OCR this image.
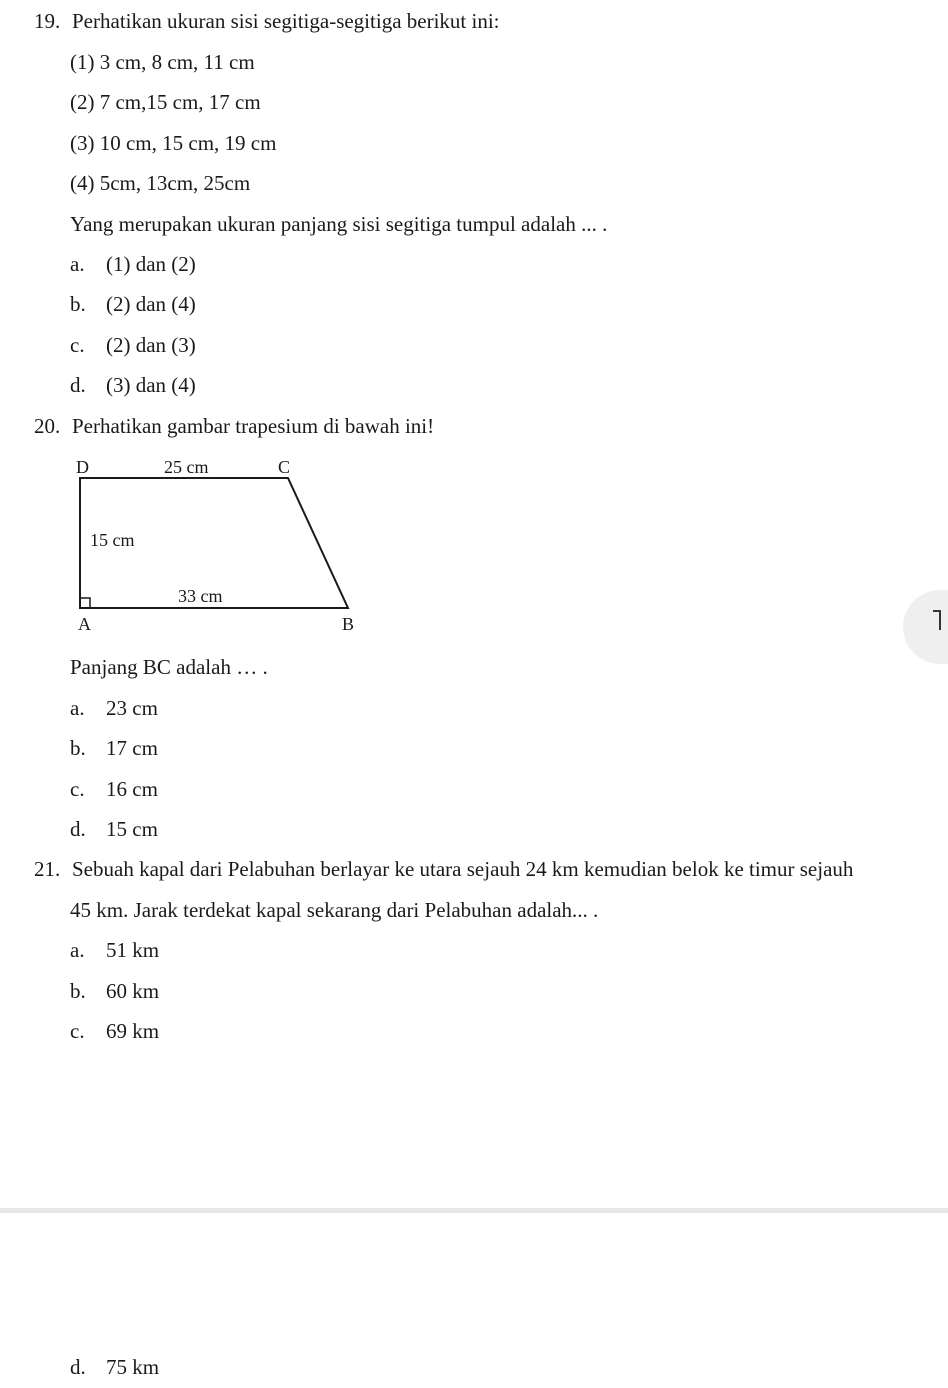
19. Perhatikan ukuran sisi segitiga-segitiga berikut ini:
(1) 3 cm, 8 cm, 11 cm
(2) 7 cm,15 cm, 17 cm
(3) 10 cm, 15 cm, 19 cm
(4) 5cm, 13cm, 25cm
Yang merupakan ukuran panjang sisi segitiga tumpul adalah ... .
a. (1) dan (2)
b. (2) dan (4)
c. (2) dan (3)
d. (3) dan (4)
20. Perhatikan gambar trapesium di bawah ini!
D	C
A	B
25 cm
15 cm
33 cm
Panjang BC adalah … .
a. 23 cm
b. 17 cm
c. 16 cm
d. 15 cm
21. Sebuah kapal dari Pelabuhan berlayar ke utara sejauh 24 km kemudian belok ke timur sejauh
45 km. Jarak terdekat kapal sekarang dari Pelabuhan adalah... .
a. 51 km
b. 60 km
c. 69 km
d. 75 km
